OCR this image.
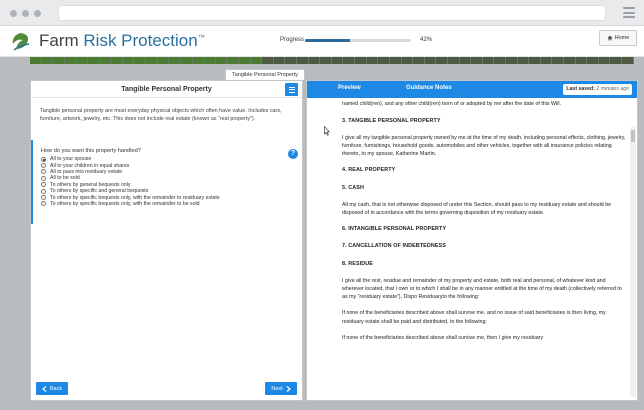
Farm Risk Protection™	Progress	42%	Home
Tangible Personal Property
Tangible Personal Property
Tangible personal property are most everyday physical objects which often have value. Includes cars, furniture, artwork, jewelry, etc. This does not include real estate (known as “real property”).
How do you want this property handled?	?
All to your spouse
All to your children in equal shares
All to pass into residuary estate
All to be sold
To others by general bequests only
To others by specific and general bequests
To others by specific bequests only, with the remainder to residuary estate
To others by specific bequests only, with the remainder to be sold
Back	Next
Preview	Guidance Notes	Last saved: 2 minutes ago

named child(ren), and any other child(ren) born of or adopted by me after the date of this Will.

3. TANGIBLE PERSONAL PROPERTY

I give all my tangible personal property owned by me at the time of my death, including personal effects, clothing, jewelry, furniture, furnishings, household goods, automobiles and other vehicles, together with all insurance policies relating thereto, to my spouse, Katherine Martin.

4. REAL PROPERTY
5. CASH

All my cash, that is not otherwise disposed of under this Section, should pass to my residuary estate and should be disposed of in accordance with the terms governing disposition of my residuary estate.

6. INTANGIBLE PERSONAL PROPERTY
7. CANCELLATION OF INDEBTEDNESS
8. RESIDUE

I give all the rest, residue and remainder of my property and estate, both real and personal, of whatever kind and wherever located, that I own or to which I shall be in any manner entitled at the time of my death (collectively referred to as my “residuary estate”), Dispo Residuaryto the following:

If none of the beneficiaries described above shall survive me, and no issue of said beneficiaries is then living, my residuary estate shall be paid and distributed, to the following:

If none of the beneficiaries described above shall survive me, then I give my residuary
